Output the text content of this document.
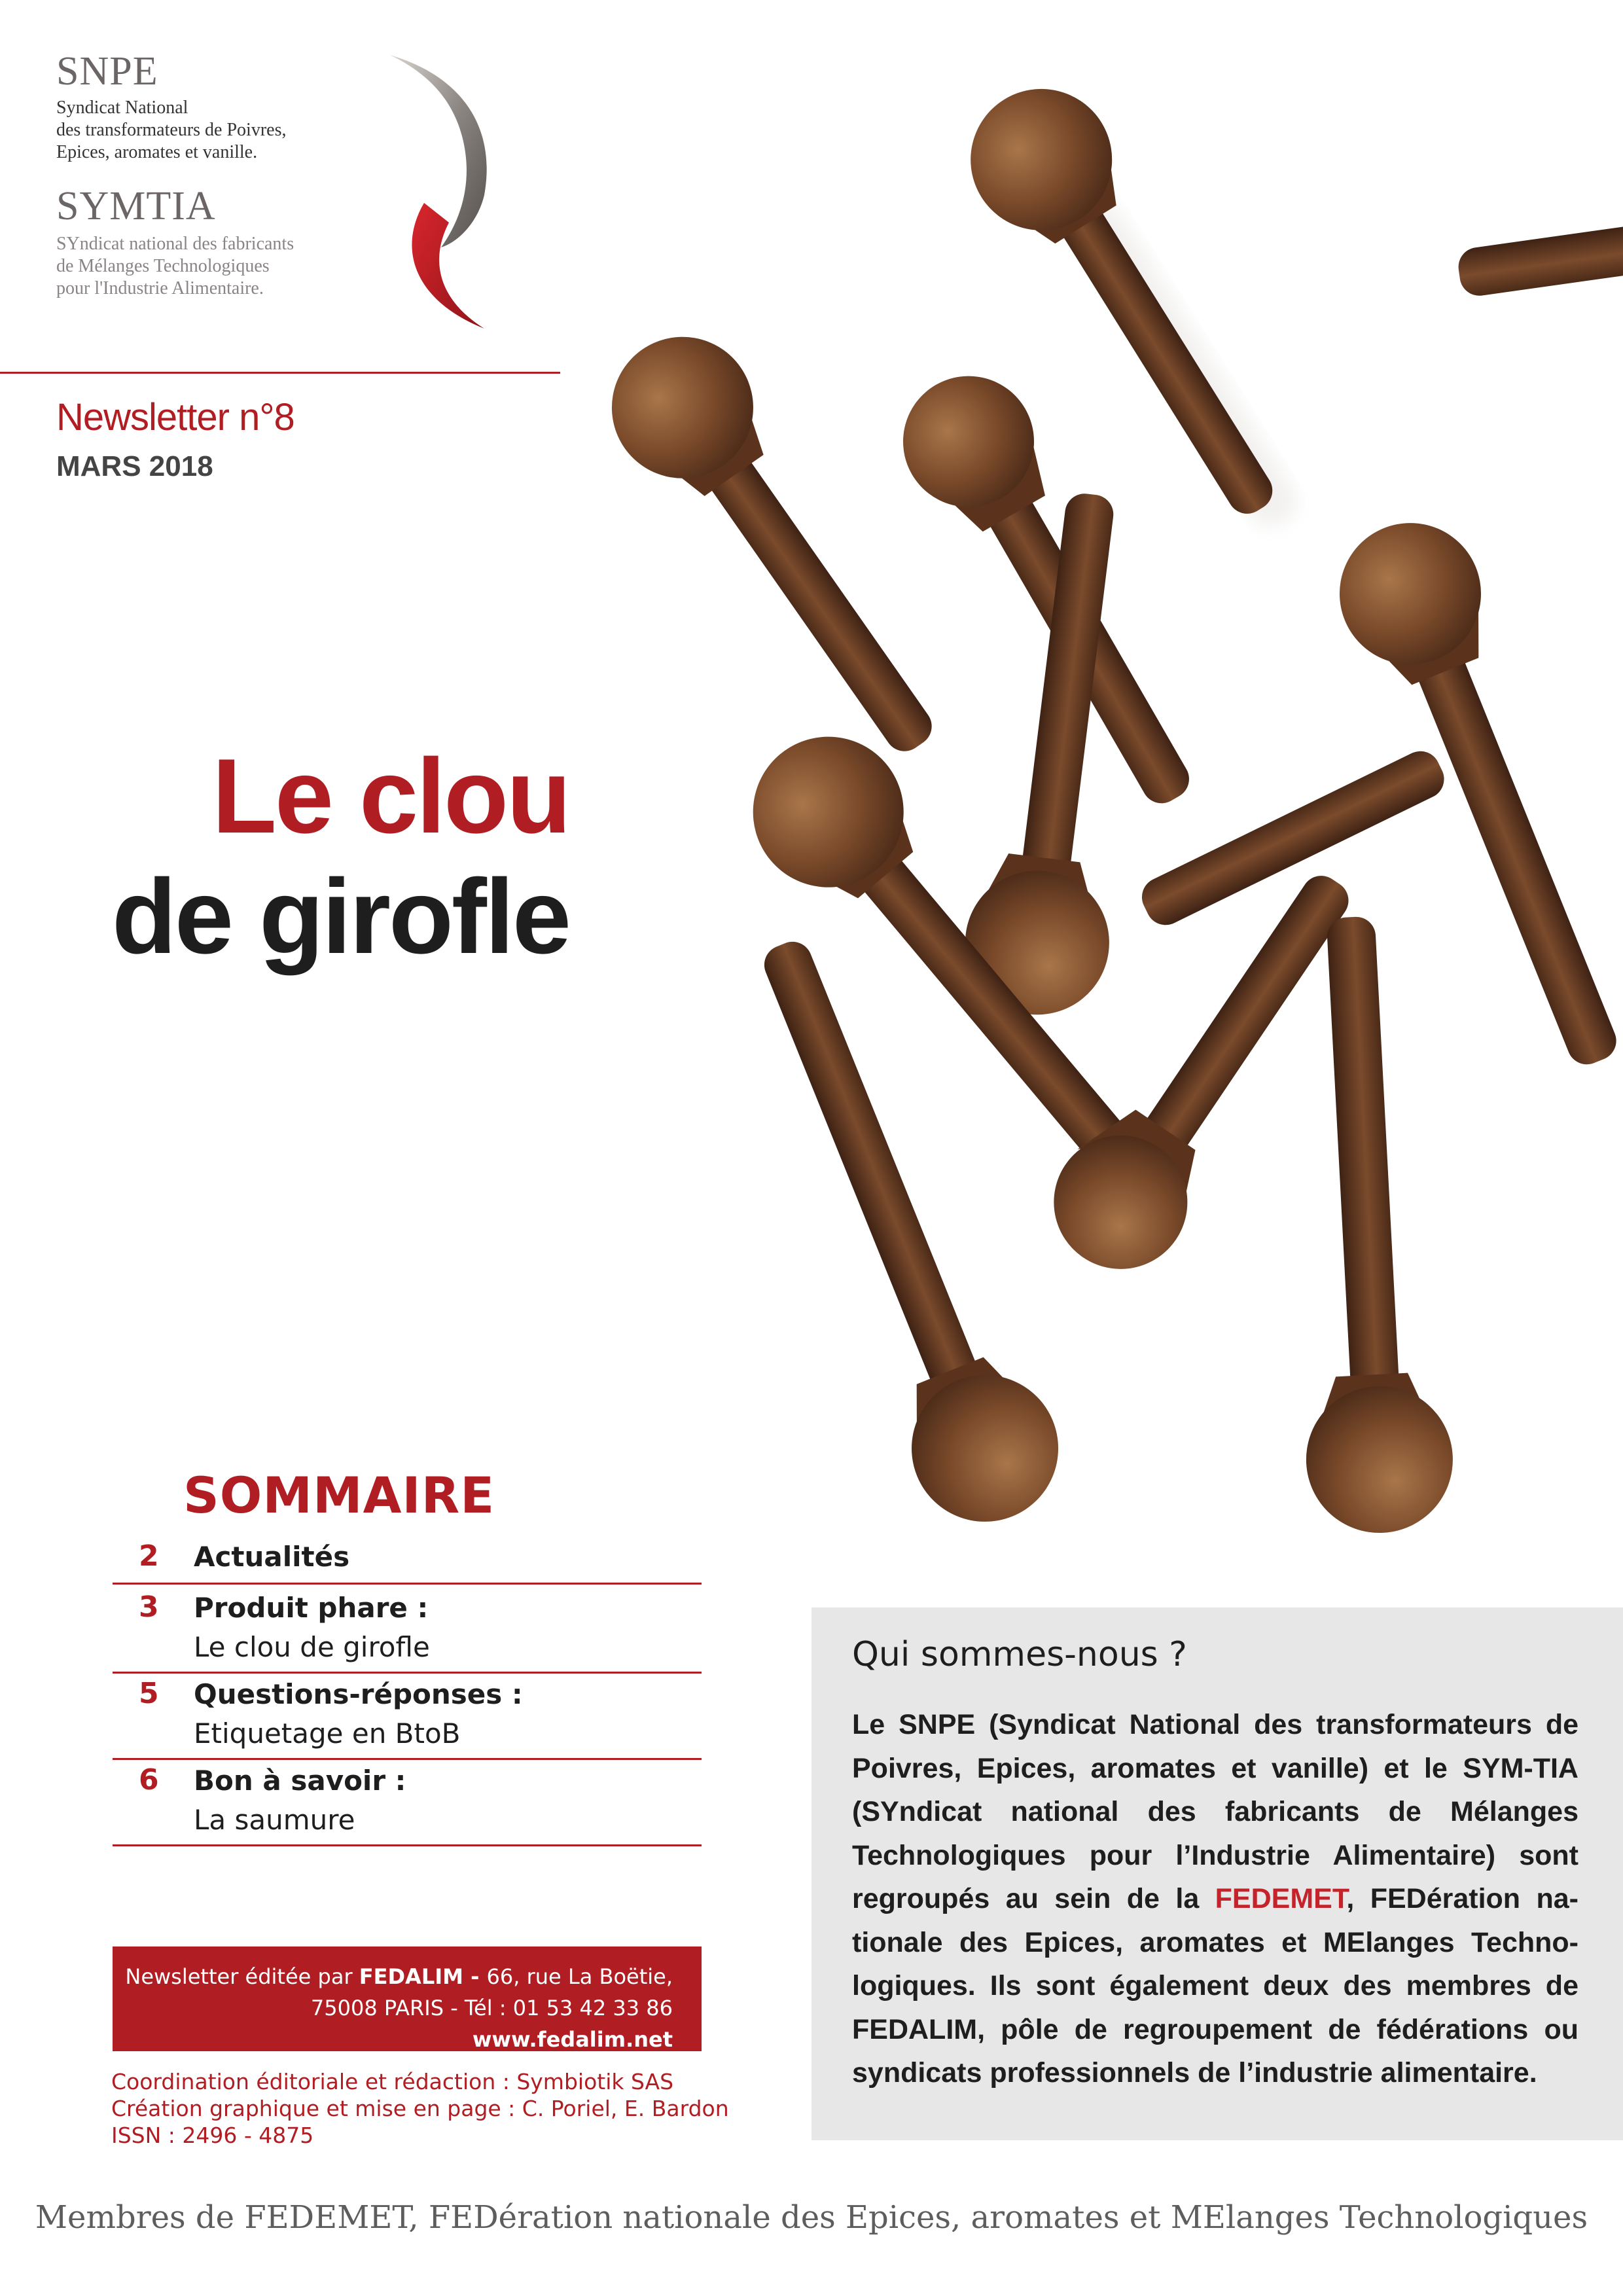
SNPE
Syndicat National
des transformateurs de Poivres,
Epices, aromates et vanille.
SYMTIA
SYndicat national des fabricants
de Mélanges Technologiques
pour l'Industrie Alimentaire.
Newsletter n°8
MARS 2018
Le clou
de girofle
SOMMAIRE
2 Actualités
3 Produit phare :
Le clou de girofle
5 Questions-réponses :
Etiquetage en BtoB
6 Bon à savoir :
La saumure
Newsletter éditée par FEDALIM - 66, rue La Boëtie,
75008 PARIS - Tél : 01 53 42 33 86
www.fedalim.net
Coordination éditoriale et rédaction : Symbiotik SAS
Création graphique et mise en page : C. Poriel, E. Bardon
ISSN : 2496 - 4875
Qui sommes-nous ?
Le SNPE (Syndicat National des transformateurs de Poivres, Epices, aromates et vanille) et le SYM-TIA (SYndicat national des fabricants de Mélanges Technologiques pour l’Industrie Alimentaire) sont regroupés au sein de la FEDEMET, FEDération na-tionale des Epices, aromates et MElanges Techno-logiques. Ils sont également deux des membres de FEDALIM, pôle de regroupement de fédérations ou syndicats professionnels de l’industrie alimentaire.
Membres de FEDEMET, FEDération nationale des Epices, aromates et MElanges Technologiques
